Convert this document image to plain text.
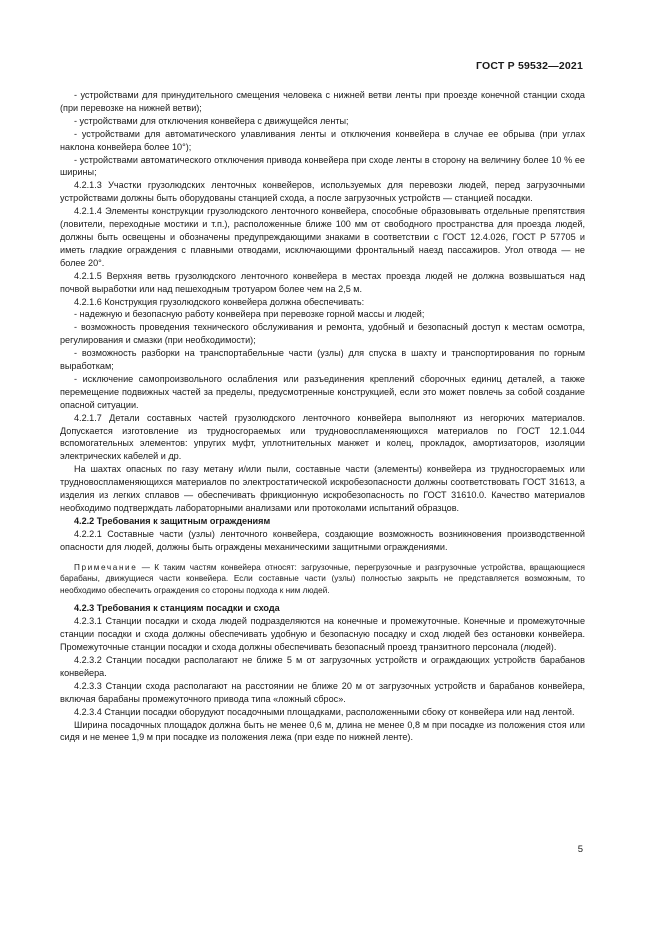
ГОСТ Р 59532—2021

- устройствами для принудительного смещения человека с нижней ветви ленты при проезде конечной станции схода (при перевозке на нижней ветви);

- устройствами для отключения конвейера с движущейся ленты;

- устройствами для автоматического улавливания ленты и отключения конвейера в случае ее обрыва (при углах наклона конвейера более 10°);

- устройствами автоматического отключения привода конвейера при сходе ленты в сторону на величину более 10 % ее ширины;

4.2.1.3 Участки грузолюдских ленточных конвейеров, используемых для перевозки людей, перед загрузочными устройствами должны быть оборудованы станцией схода, а после загрузочных устройств — станцией посадки.

4.2.1.4 Элементы конструкции грузолюдского ленточного конвейера, способные образовывать отдельные препятствия (ловители, переходные мостики и т.п.), расположенные ближе 100 мм от свободного пространства для проезда людей, должны быть освещены и обозначены предупреждающими знаками в соответствии с ГОСТ 12.4.026, ГОСТ Р 57705 и иметь гладкие ограждения с плавными отводами, исключающими фронтальный наезд пассажиров. Угол отвода — не более 20°.

4.2.1.5 Верхняя ветвь грузолюдского ленточного конвейера в местах проезда людей не должна возвышаться над почвой выработки или над пешеходным тротуаром более чем на 2,5 м.

4.2.1.6 Конструкция грузолюдского конвейера должна обеспечивать:

- надежную и безопасную работу конвейера при перевозке горной массы и людей;

- возможность проведения технического обслуживания и ремонта, удобный и безопасный доступ к местам осмотра, регулирования и смазки (при необходимости);

- возможность разборки на транспортабельные части (узлы) для спуска в шахту и транспортирования по горным выработкам;

- исключение самопроизвольного ослабления или разъединения креплений сборочных единиц деталей, а также перемещение подвижных частей за пределы, предусмотренные конструкцией, если это может повлечь за собой создание опасной ситуации.

4.2.1.7 Детали составных частей грузолюдского ленточного конвейера выполняют из негорючих материалов. Допускается изготовление из трудносгораемых или трудновоспламеняющихся материалов по ГОСТ 12.1.044 вспомогательных элементов: упругих муфт, уплотнительных манжет и колец, прокладок, амортизаторов, изоляции электрических кабелей и др.

На шахтах опасных по газу метану и/или пыли, составные части (элементы) конвейера из трудносгораемых или трудновоспламеняющихся материалов по электростатической искробезопасности должны соответствовать ГОСТ 31613, а изделия из легких сплавов — обеспечивать фрикционную искробезопасность по ГОСТ 31610.0. Качество материалов необходимо подтверждать лабораторными анализами или протоколами испытаний образцов.

4.2.2 Требования к защитным ограждениям

4.2.2.1 Составные части (узлы) ленточного конвейера, создающие возможность возникновения производственной опасности для людей, должны быть ограждены механическими защитными ограждениями.

Примечание — К таким частям конвейера относят: загрузочные, перегрузочные и разгрузочные устройства, вращающиеся барабаны, движущиеся части конвейера. Если составные части (узлы) полностью закрыть не представляется возможным, то необходимо обеспечить ограждения со стороны подхода к ним людей.

4.2.3 Требования к станциям посадки и схода

4.2.3.1 Станции посадки и схода людей подразделяются на конечные и промежуточные. Конечные и промежуточные станции посадки и схода должны обеспечивать удобную и безопасную посадку и сход людей без остановки конвейера. Промежуточные станции посадки и схода должны обеспечивать безопасный проезд транзитного персонала (людей).

4.2.3.2 Станции посадки располагают не ближе 5 м от загрузочных устройств и ограждающих устройств барабанов конвейера.

4.2.3.3 Станции схода располагают на расстоянии не ближе 20 м от загрузочных устройств и барабанов конвейера, включая барабаны промежуточного привода типа «ложный сброс».

4.2.3.4 Станции посадки оборудуют посадочными площадками, расположенными сбоку от конвейера или над лентой.

Ширина посадочных площадок должна быть не менее 0,6 м, длина не менее 0,8 м при посадке из положения стоя или сидя и не менее 1,9 м при посадке из положения лежа (при езде по нижней ленте).

5
